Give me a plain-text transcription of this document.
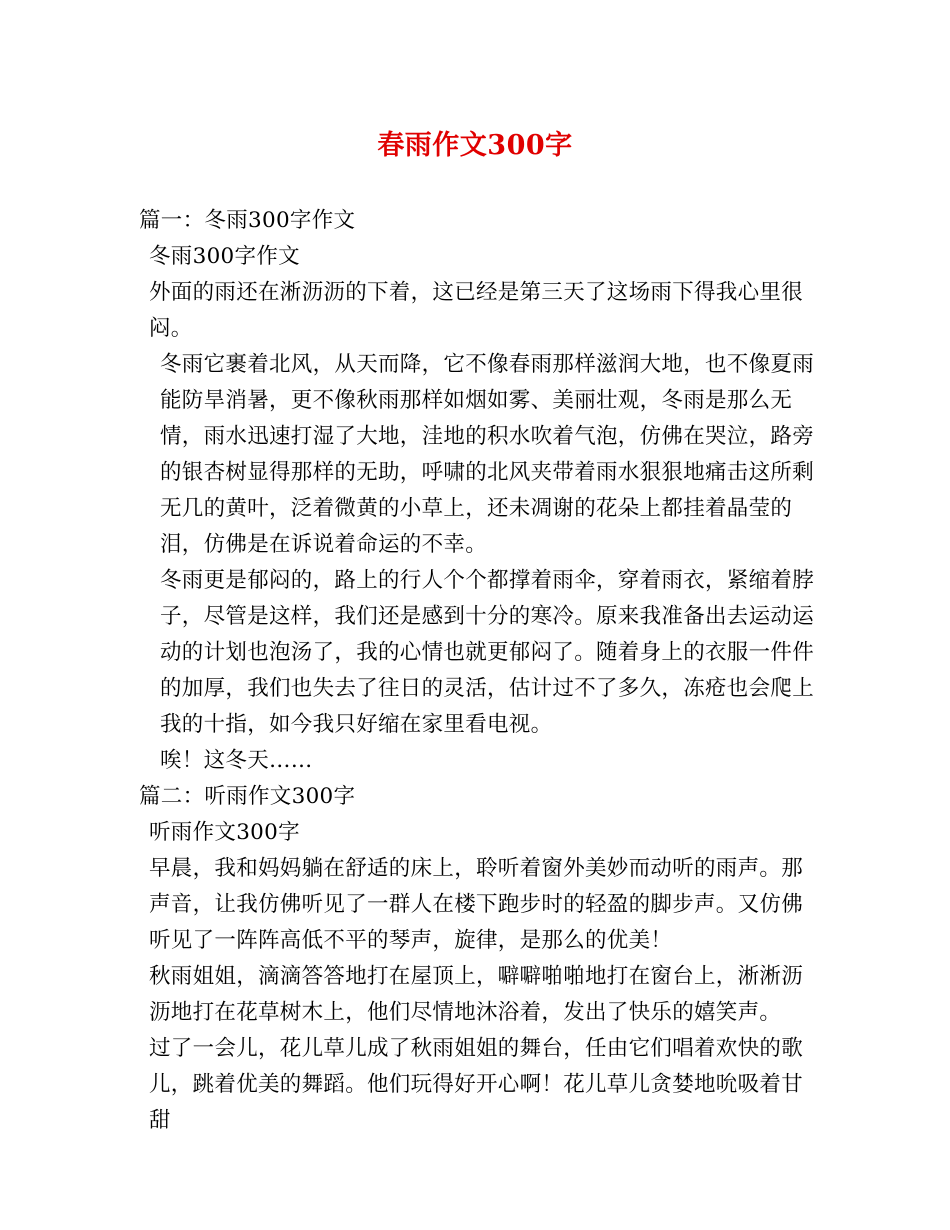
春雨作文300字

篇一：冬雨300字作文

冬雨300字作文

外面的雨还在淅沥沥的下着，这已经是第三天了这场雨下得我心里很闷。

冬雨它裹着北风，从天而降，它不像春雨那样滋润大地，也不像夏雨能防旱消暑，更不像秋雨那样如烟如雾、美丽壮观，冬雨是那么无情，雨水迅速打湿了大地，洼地的积水吹着气泡，仿佛在哭泣，路旁的银杏树显得那样的无助，呼啸的北风夹带着雨水狠狠地痛击这所剩无几的黄叶，泛着微黄的小草上，还未凋谢的花朵上都挂着晶莹的泪，仿佛是在诉说着命运的不幸。

冬雨更是郁闷的，路上的行人个个都撑着雨伞，穿着雨衣，紧缩着脖子，尽管是这样，我们还是感到十分的寒冷。原来我准备出去运动运动的计划也泡汤了，我的心情也就更郁闷了。随着身上的衣服一件件的加厚，我们也失去了往日的灵活，估计过不了多久，冻疮也会爬上我的十指，如今我只好缩在家里看电视。

唉！这冬天……

篇二：听雨作文300字

听雨作文300字

早晨，我和妈妈躺在舒适的床上，聆听着窗外美妙而动听的雨声。那声音，让我仿佛听见了一群人在楼下跑步时的轻盈的脚步声。又仿佛听见了一阵阵高低不平的琴声，旋律，是那么的优美！

秋雨姐姐，滴滴答答地打在屋顶上，噼噼啪啪地打在窗台上，淅淅沥沥地打在花草树木上，他们尽情地沐浴着，发出了快乐的嬉笑声。

过了一会儿，花儿草儿成了秋雨姐姐的舞台，任由它们唱着欢快的歌儿，跳着优美的舞蹈。他们玩得好开心啊！花儿草儿贪婪地吮吸着甘甜
